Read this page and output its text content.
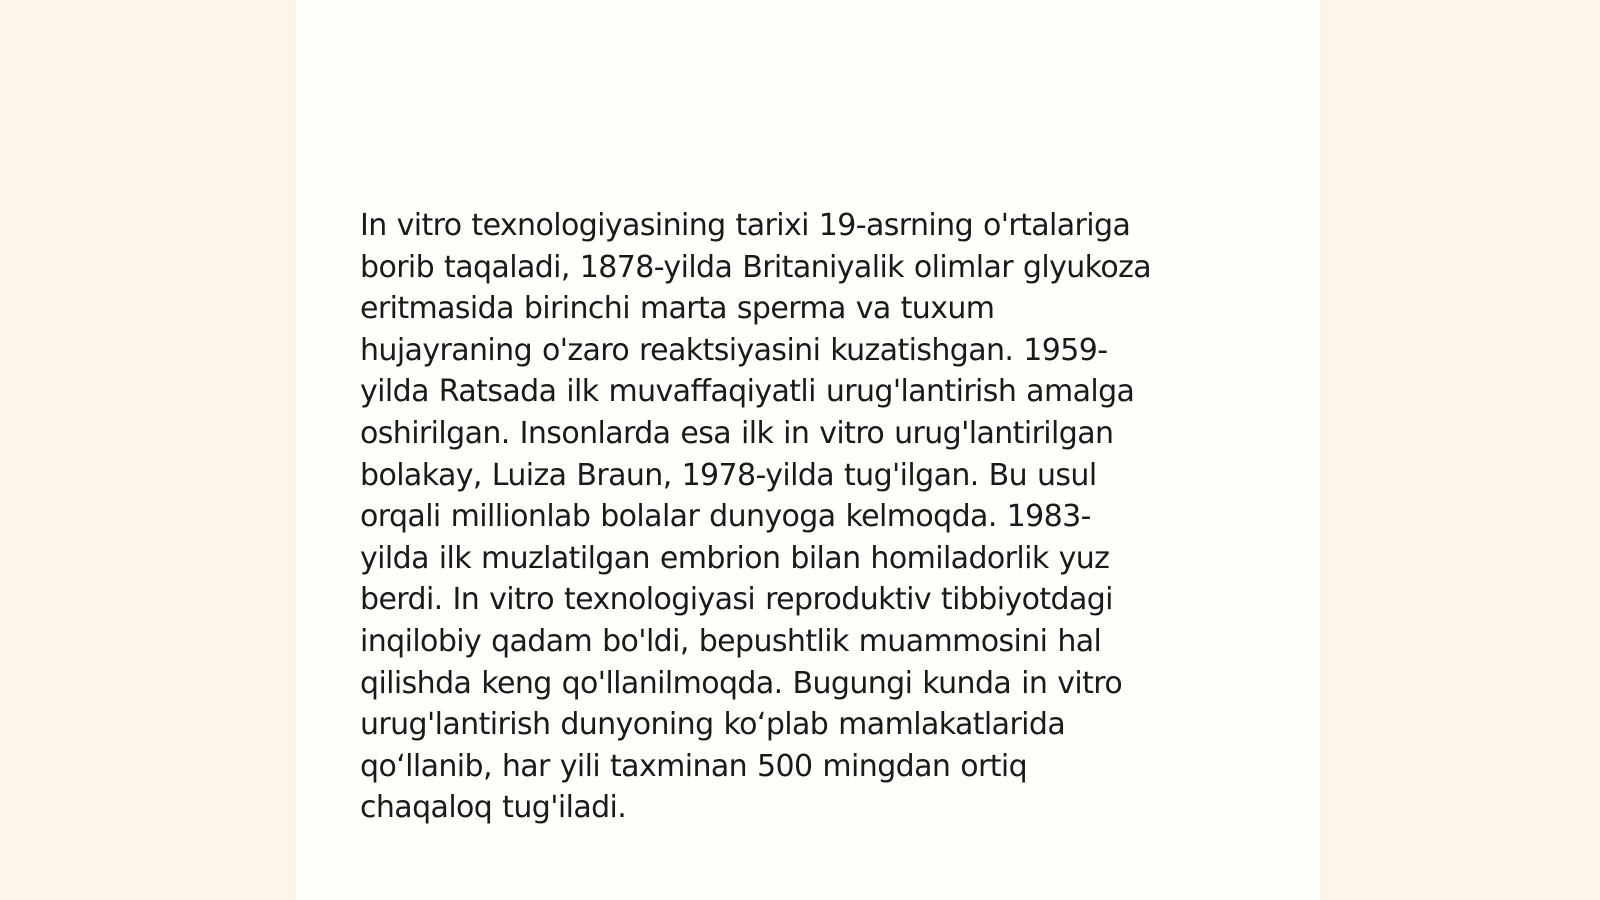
In vitro texnologiyasining tarixi 19-asrning o'rtalariga
borib taqaladi, 1878-yilda Britaniyalik olimlar glyukoza
eritmasida birinchi marta sperma va tuxum
hujayraning o'zaro reaktsiyasini kuzatishgan. 1959-
yilda Ratsada ilk muvaffaqiyatli urug'lantirish amalga
oshirilgan. Insonlarda esa ilk in vitro urug'lantirilgan
bolakay, Luiza Braun, 1978-yilda tug'ilgan. Bu usul
orqali millionlab bolalar dunyoga kelmoqda. 1983-
yilda ilk muzlatilgan embrion bilan homiladorlik yuz
berdi. In vitro texnologiyasi reproduktiv tibbiyotdagi
inqilobiy qadam bo'ldi, bepushtlik muammosini hal
qilishda keng qo'llanilmoqda. Bugungi kunda in vitro
urug'lantirish dunyoning ko‘plab mamlakatlarida
qo‘llanib, har yili taxminan 500 mingdan ortiq
chaqaloq tug'iladi.
